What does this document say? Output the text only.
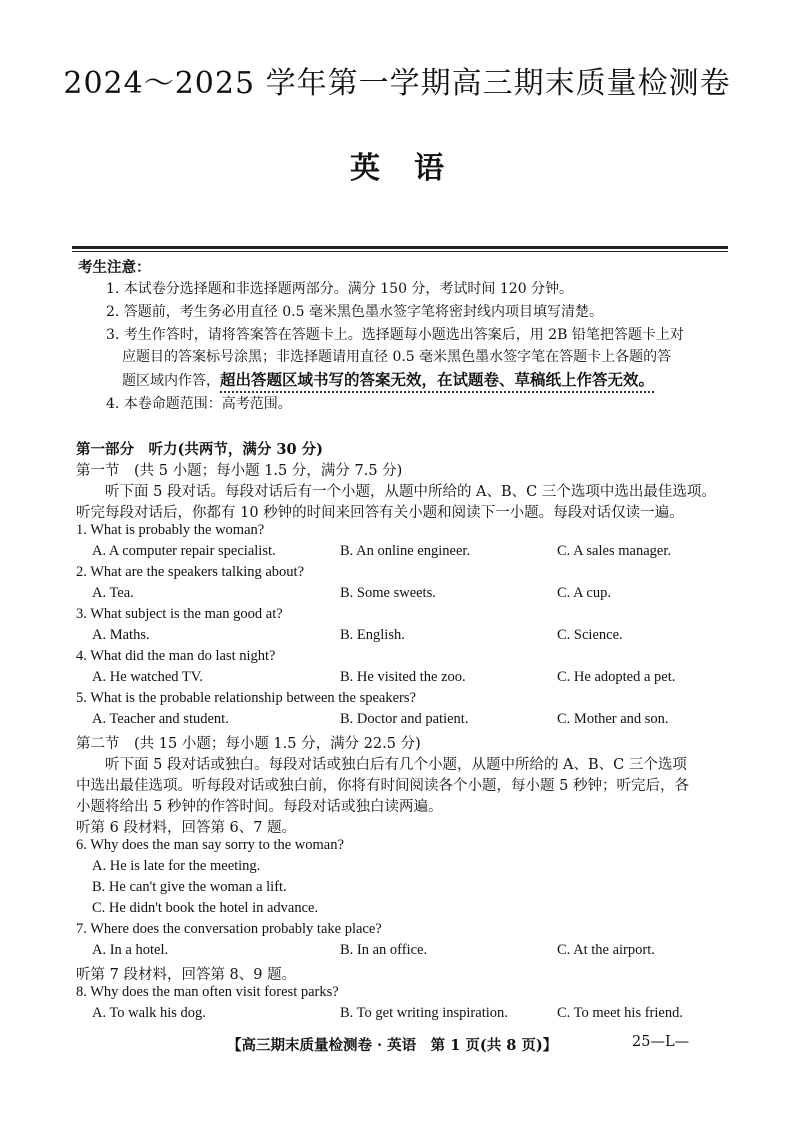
2024～2025 学年第一学期高三期末质量检测卷
英语
考生注意：
1. 本试卷分选择题和非选择题两部分。满分 150 分，考试时间 120 分钟。
2. 答题前，考生务必用直径 0.5 毫米黑色墨水签字笔将密封线内项目填写清楚。
3. 考生作答时，请将答案答在答题卡上。选择题每小题选出答案后，用 2B 铅笔把答题卡上对
应题目的答案标号涂黑；非选择题请用直径 0.5 毫米黑色墨水签字笔在答题卡上各题的答
题区域内作答，超出答题区域书写的答案无效，在试题卷、草稿纸上作答无效。
4. 本卷命题范围：高考范围。
第一部分　听力(共两节，满分 30 分)
第一节　(共 5 小题；每小题 1.5 分，满分 7.5 分)
听下面 5 段对话。每段对话后有一个小题，从题中所给的 A、B、C 三个选项中选出最佳选项。
听完每段对话后，你都有 10 秒钟的时间来回答有关小题和阅读下一小题。每段对话仅读一遍。
1. What is probably the woman?
A. A computer repair specialist.	B. An online engineer.	C. A sales manager.
2. What are the speakers talking about?
A. Tea.	B. Some sweets.	C. A cup.
3. What subject is the man good at?
A. Maths.	B. English.	C. Science.
4. What did the man do last night?
A. He watched TV.	B. He visited the zoo.	C. He adopted a pet.
5. What is the probable relationship between the speakers?
A. Teacher and student.	B. Doctor and patient.	C. Mother and son.
第二节　(共 15 小题；每小题 1.5 分，满分 22.5 分)
听下面 5 段对话或独白。每段对话或独白后有几个小题，从题中所给的 A、B、C 三个选项
中选出最佳选项。听每段对话或独白前，你将有时间阅读各个小题，每小题 5 秒钟；听完后，各
小题将给出 5 秒钟的作答时间。每段对话或独白读两遍。
听第 6 段材料，回答第 6、7 题。
6. Why does the man say sorry to the woman?
A. He is late for the meeting.
B. He can't give the woman a lift.
C. He didn't book the hotel in advance.
7. Where does the conversation probably take place?
A. In a hotel.	B. In an office.	C. At the airport.
听第 7 段材料，回答第 8、9 题。
8. Why does the man often visit forest parks?
A. To walk his dog.	B. To get writing inspiration.	C. To meet his friend.
【高三期末质量检测卷 · 英语　第 1 页(共 8 页)】	25—L—
